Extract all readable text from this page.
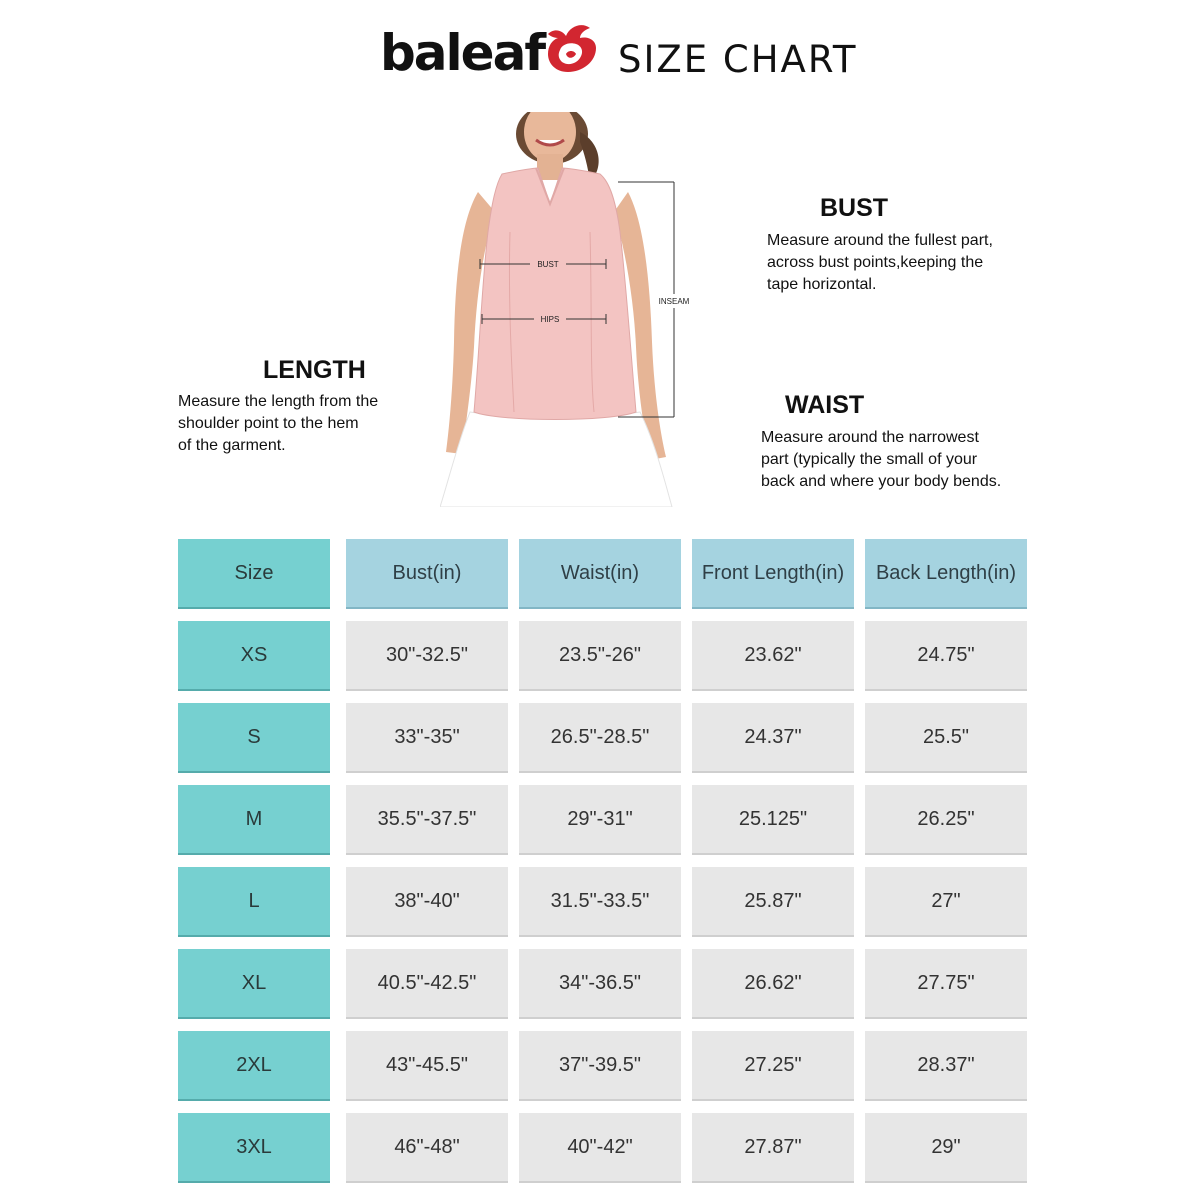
baleaf SIZE CHART
BUST
HIPS
INSEAM
BUST
Measure around the fullest part,
across bust points,keeping the
tape horizontal.
LENGTH
Measure the length from the
shoulder point to the hem
of the garment.
WAIST
Measure around the narrowest
part (typically the small of your
back and where your body bends.
Size	Bust(in)	Waist(in)	Front Length(in)	Back Length(in)
XS	30"-32.5"	23.5"-26"	23.62"	24.75"
S	33"-35"	26.5"-28.5"	24.37"	25.5"
M	35.5"-37.5"	29"-31"	25.125"	26.25"
L	38"-40"	31.5"-33.5"	25.87"	27"
XL	40.5"-42.5"	34"-36.5"	26.62"	27.75"
2XL	43"-45.5"	37"-39.5"	27.25"	28.37"
3XL	46"-48"	40"-42"	27.87"	29"
